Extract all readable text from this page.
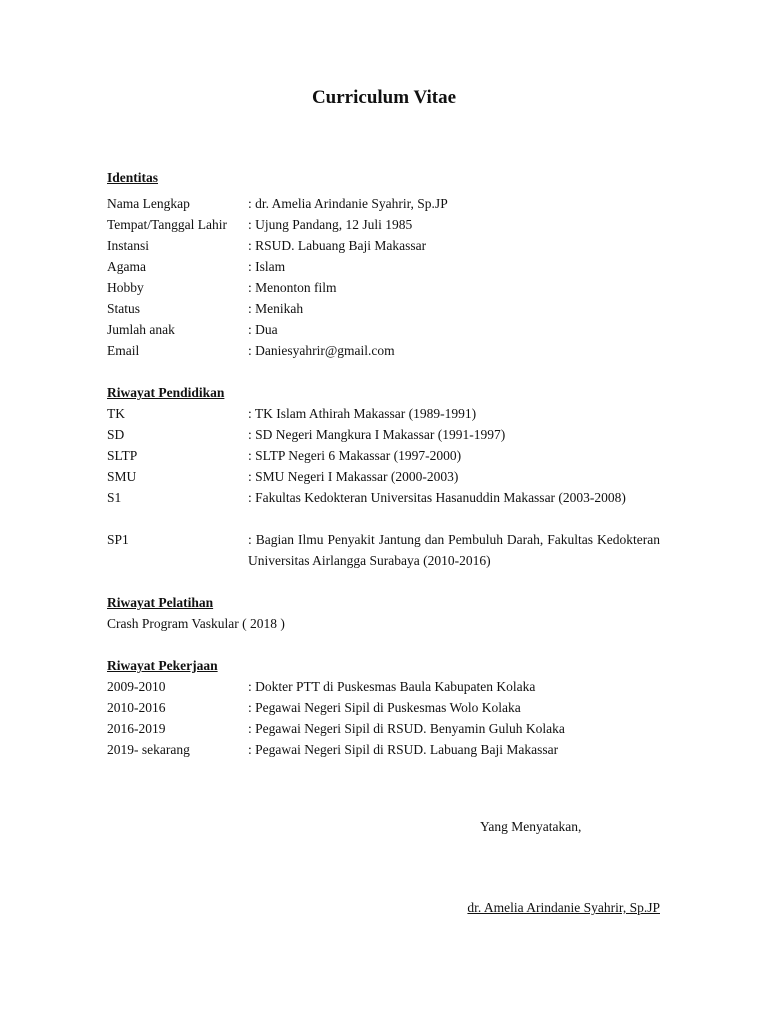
Curriculum Vitae
Identitas
Nama Lengkap	: dr. Amelia Arindanie Syahrir, Sp.JP
Tempat/Tanggal Lahir : Ujung Pandang, 12 Juli 1985
Instansi	: RSUD. Labuang Baji Makassar
Agama	: Islam
Hobby	: Menonton film
Status	: Menikah
Jumlah anak	: Dua
Email	: Daniesyahrir@gmail.com
Riwayat Pendidikan
TK	: TK Islam Athirah Makassar (1989-1991)
SD	: SD Negeri Mangkura I Makassar (1991-1997)
SLTP	: SLTP Negeri 6 Makassar (1997-2000)
SMU	: SMU Negeri I Makassar (2000-2003)
S1	: Fakultas Kedokteran Universitas Hasanuddin Makassar (2003-2008)
SP1	: Bagian Ilmu Penyakit Jantung dan Pembuluh Darah, Fakultas Kedokteran Universitas Airlangga Surabaya (2010-2016)
Riwayat Pelatihan
Crash Program Vaskular ( 2018 )
Riwayat Pekerjaan
2009-2010	: Dokter PTT di Puskesmas Baula Kabupaten Kolaka
2010-2016	: Pegawai Negeri Sipil di Puskesmas Wolo Kolaka
2016-2019	: Pegawai Negeri Sipil di RSUD. Benyamin Guluh Kolaka
2019- sekarang	: Pegawai Negeri Sipil di RSUD. Labuang Baji Makassar
Yang Menyatakan,
dr. Amelia Arindanie Syahrir, Sp.JP
